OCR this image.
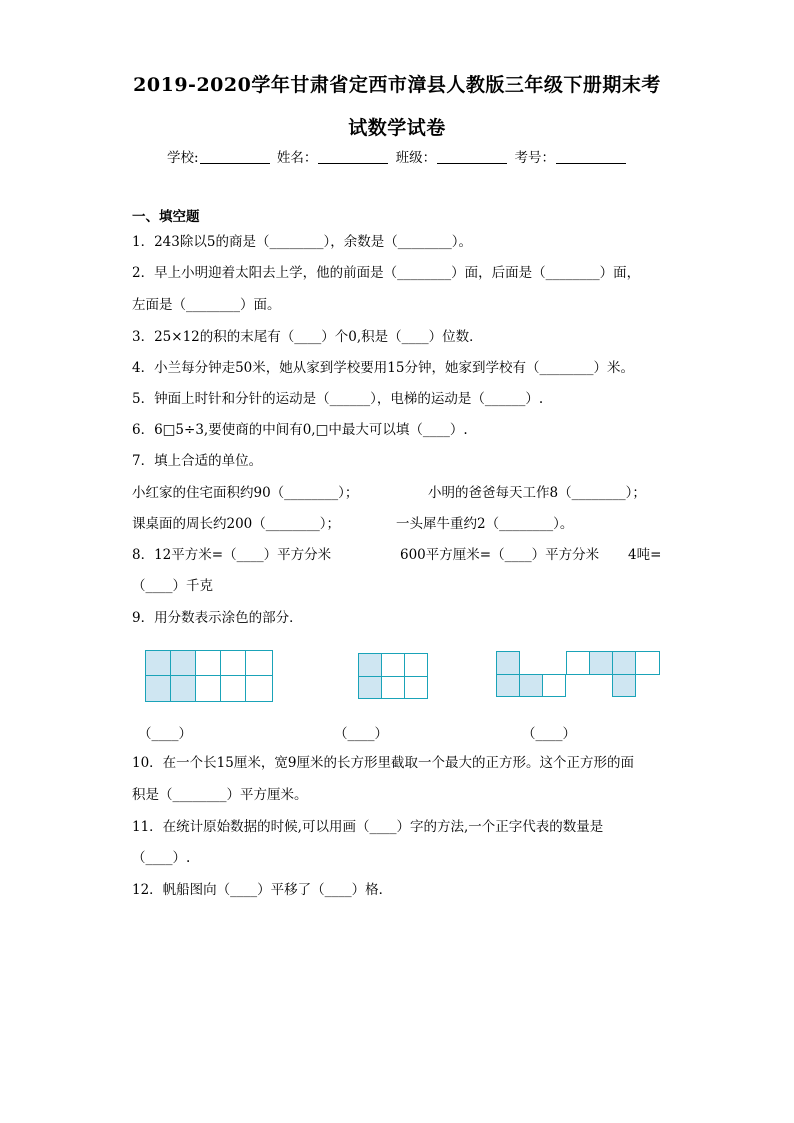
2019-2020学年甘肃省定西市漳县人教版三年级下册期末考
试数学试卷
学校:	姓名：	班级：	考号：
一、填空题
1．243除以5的商是（________），余数是（________）。
2．早上小明迎着太阳去上学，他的前面是（________）面，后面是（________）面，
左面是（________）面。
3．25×12的积的末尾有（____）个0,积是（____）位数．
4．小兰每分钟走50米，她从家到学校要用15分钟，她家到学校有（________）米。
5．钟面上时针和分针的运动是（______），电梯的运动是（______）.
6．6□5÷3,要使商的中间有0,□中最大可以填（____）.
7．填上合适的单位。
小红家的住宅面积约90（________）；	小明的爸爸每天工作8（________）；
课桌面的周长约200（________）；	一头犀牛重约2（________）。
8．12平方米=（____）平方分米	600平方厘米=（____）平方分米 4吨=
（____）千克
9．用分数表示涂色的部分．
（____）	（____）	（____）
10．在一个长15厘米，宽9厘米的长方形里截取一个最大的正方形。这个正方形的面
积是（________）平方厘米。
11．在统计原始数据的时候,可以用画（____）字的方法,一个正字代表的数量是
（____）.
12．帆船图向（____）平移了（____）格．
